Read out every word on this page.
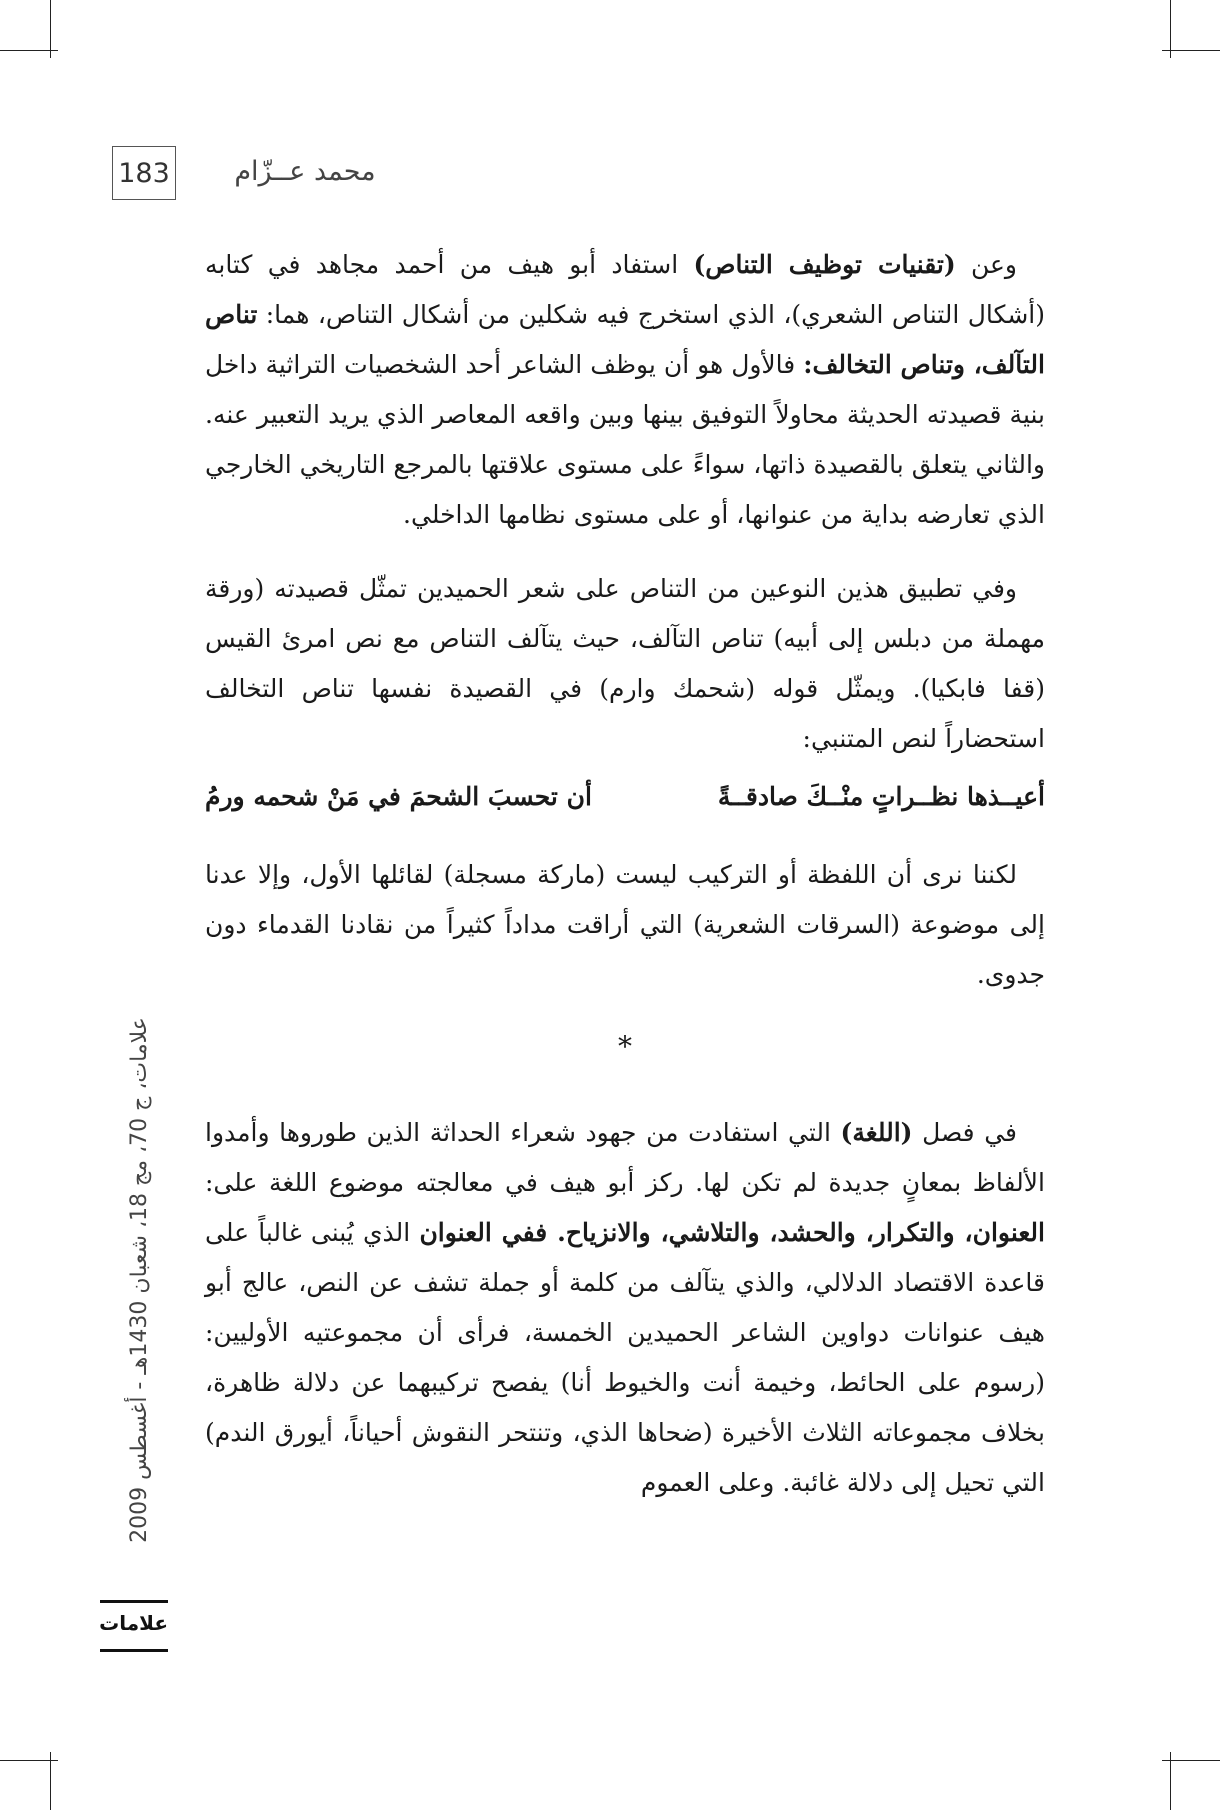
183	محمد عــزّام

وعن (تقنيات توظيف التناص) استفاد أبو هيف من أحمد مجاهد في كتابه (أشكال التناص الشعري)، الذي استخرج فيه شكلين من أشكال التناص، هما: تناص التآلف، وتناص التخالف: فالأول هو أن يوظف الشاعر أحد الشخصيات التراثية داخل بنية قصيدته الحديثة محاولاً التوفيق بينها وبين واقعه المعاصر الذي يريد التعبير عنه. والثاني يتعلق بالقصيدة ذاتها، سواءً على مستوى علاقتها بالمرجع التاريخي الخارجي الذي تعارضه بداية من عنوانها، أو على مستوى نظامها الداخلي.

وفي تطبيق هذين النوعين من التناص على شعر الحميدين تمثّل قصيدته (ورقة مهملة من دبلس إلى أبيه) تناص التآلف، حيث يتآلف التناص مع نص امرئ القيس (قفا فابكيا). ويمثّل قوله (شحمك وارم) في القصيدة نفسها تناص التخالف استحضاراً لنص المتنبي:

أعيــذها نظــراتٍ منْــكَ صادقــةً
أن تحسبَ الشحمَ في مَنْ شحمه ورمُ

لكننا نرى أن اللفظة أو التركيب ليست (ماركة مسجلة) لقائلها الأول، وإلا عدنا إلى موضوعة (السرقات الشعرية) التي أراقت مداداً كثيراً من نقادنا القدماء دون جدوى.

*

في فصل (اللغة) التي استفادت من جهود شعراء الحداثة الذين طوروها وأمدوا الألفاظ بمعانٍ جديدة لم تكن لها. ركز أبو هيف في معالجته موضوع اللغة على: العنوان، والتكرار، والحشد، والتلاشي، والانزياح. ففي العنوان الذي يُبنى غالباً على قاعدة الاقتصاد الدلالي، والذي يتآلف من كلمة أو جملة تشف عن النص، عالج أبو هيف عنوانات دواوين الشاعر الحميدين الخمسة، فرأى أن مجموعتيه الأوليين: (رسوم على الحائط، وخيمة أنت والخيوط أنا) يفصح تركيبهما عن دلالة ظاهرة، بخلاف مجموعاته الثلاث الأخيرة (ضحاها الذي، وتنتحر النقوش أحياناً، أيورق الندم) التي تحيل إلى دلالة غائبة. وعلى العموم

علامات، ج 70، مج 18، شعبان 1430هـ - أغسطس 2009
علامات
